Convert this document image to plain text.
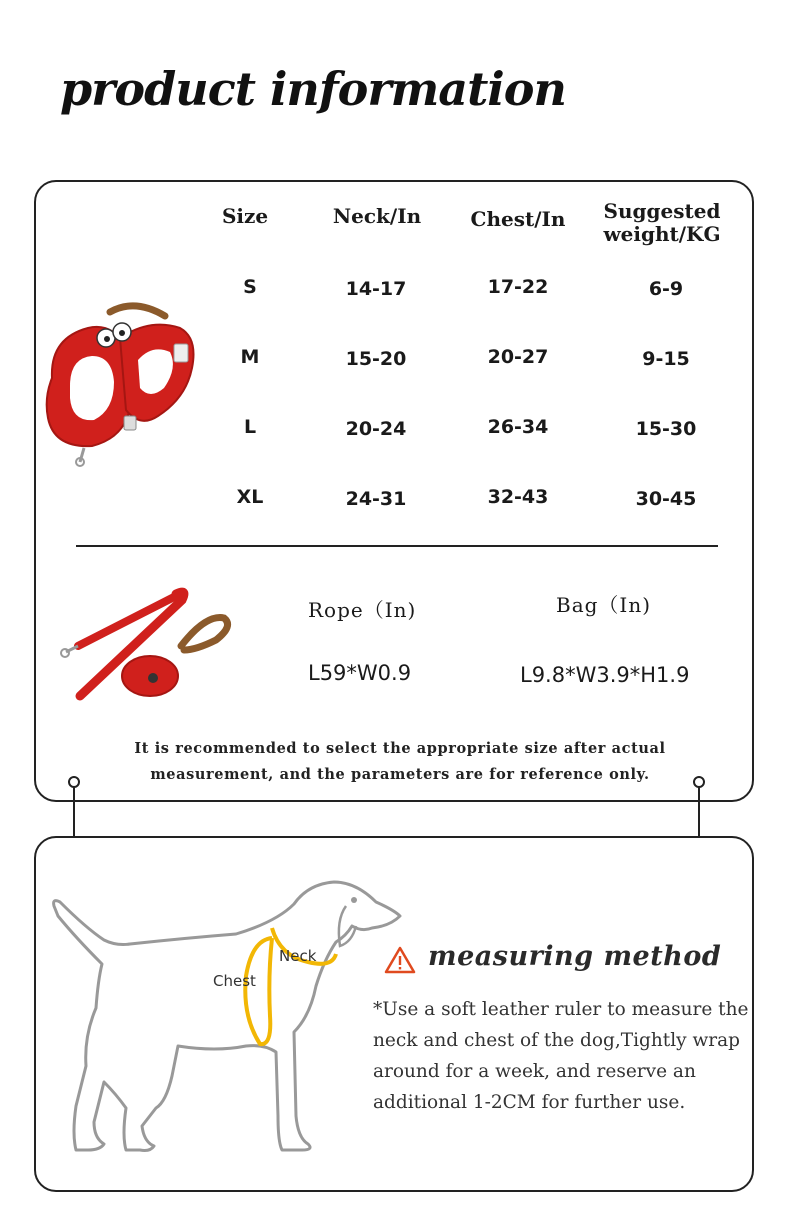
product information
Size	Neck/In	Chest/In	Suggested
weight/KG
S	14-17	17-22	6-9
M	15-20	20-27	9-15
L	20-24	26-34	15-30
XL	24-31	32-43	30-45
Rope（In)	Bag（In)
L59*W0.9	L9.8*W3.9*H1.9
It is recommended to select the appropriate size after actual
measurement, and the parameters are for reference only.
Neck
Chest
measuring method
*Use a soft leather ruler to measure the neck and chest of the dog,Tightly wrap around for a week, and reserve an additional 1-2CM for further use.
